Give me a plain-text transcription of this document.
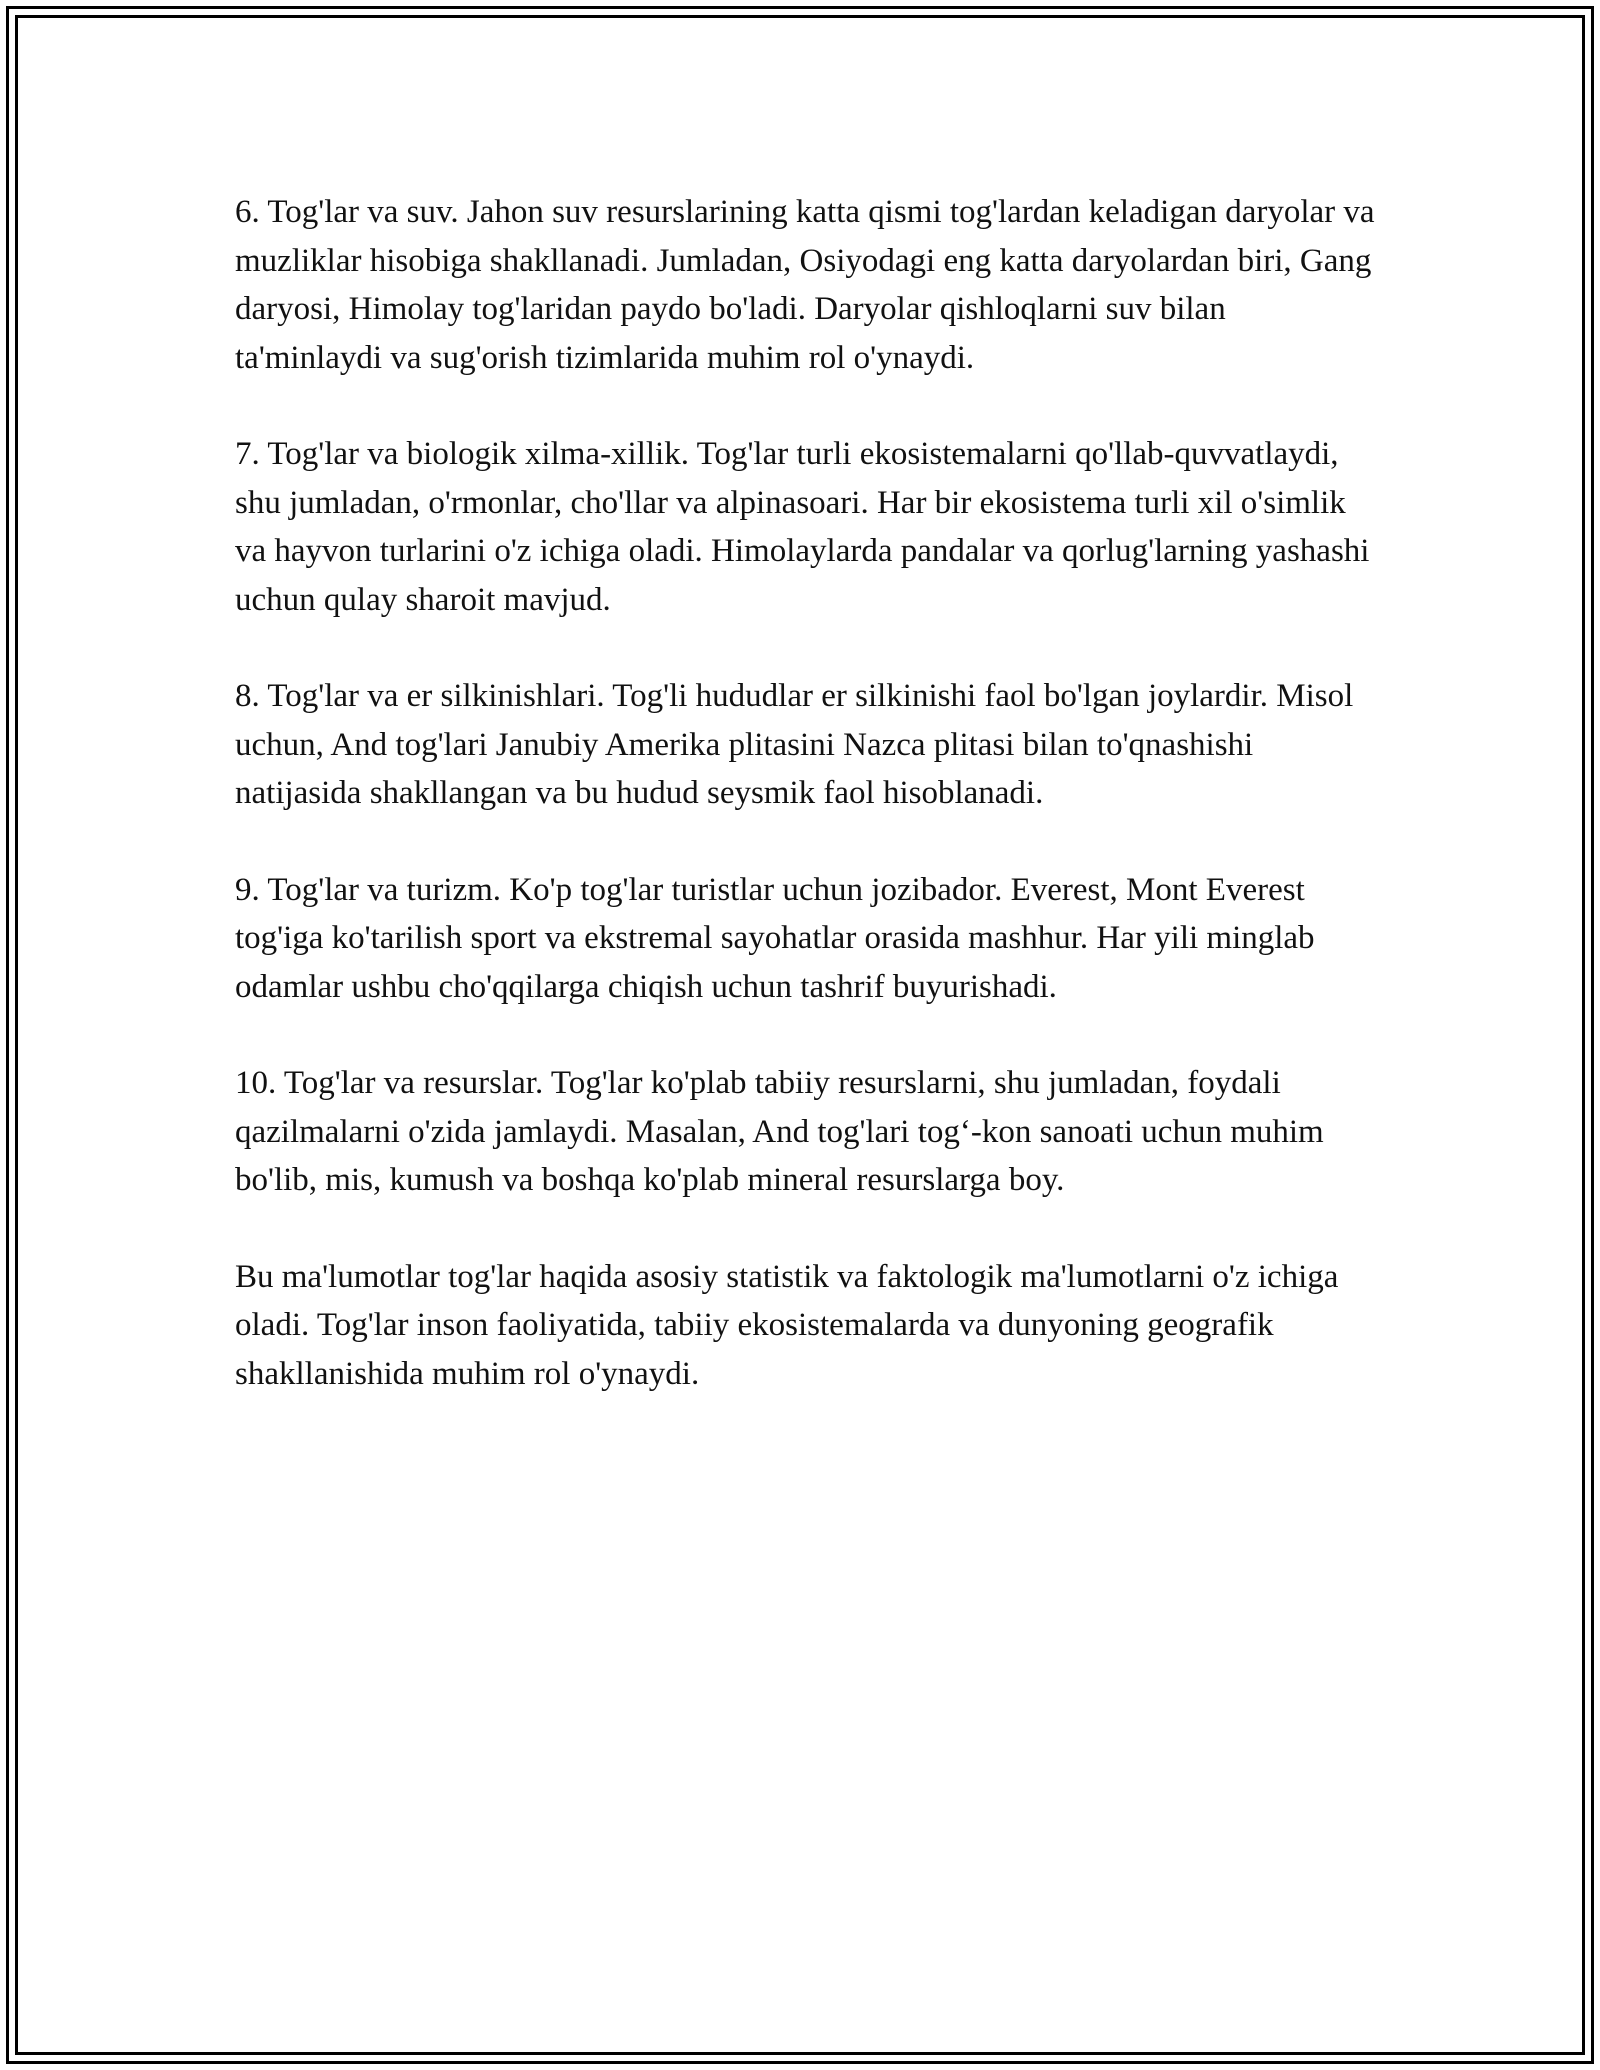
6. Tog'lar va suv. Jahon suv resurslarining katta qismi tog'lardan keladigan daryolar va muzliklar hisobiga shakllanadi. Jumladan, Osiyodagi eng katta daryolardan biri, Gang daryosi, Himolay tog'laridan paydo bo'ladi. Daryolar qishloqlarni suv bilan ta'minlaydi va sug'orish tizimlarida muhim rol o'ynaydi.

7. Tog'lar va biologik xilma-xillik. Tog'lar turli ekosistemalarni qo'llab-quvvatlaydi, shu jumladan, o'rmonlar, cho'llar va alpinasoari. Har bir ekosistema turli xil o'simlik va hayvon turlarini o'z ichiga oladi. Himolaylarda pandalar va qorlug'larning yashashi uchun qulay sharoit mavjud.

8. Tog'lar va er silkinishlari. Tog'li hududlar er silkinishi faol bo'lgan joylardir. Misol uchun, And tog'lari Janubiy Amerika plitasini Nazca plitasi bilan to'qnashishi natijasida shakllangan va bu hudud seysmik faol hisoblanadi.

9. Tog'lar va turizm. Ko'p tog'lar turistlar uchun jozibador. Everest, Mont Everest tog'iga ko'tarilish sport va ekstremal sayohatlar orasida mashhur. Har yili minglab odamlar ushbu cho'qqilarga chiqish uchun tashrif buyurishadi.

10. Tog'lar va resurslar. Tog'lar ko'plab tabiiy resurslarni, shu jumladan, foydali qazilmalarni o'zida jamlaydi. Masalan, And tog'lari tog‘-kon sanoati uchun muhim bo'lib, mis, kumush va boshqa ko'plab mineral resurslarga boy.

Bu ma'lumotlar tog'lar haqida asosiy statistik va faktologik ma'lumotlarni o'z ichiga oladi. Tog'lar inson faoliyatida, tabiiy ekosistemalarda va dunyoning geografik shakllanishida muhim rol o'ynaydi.
